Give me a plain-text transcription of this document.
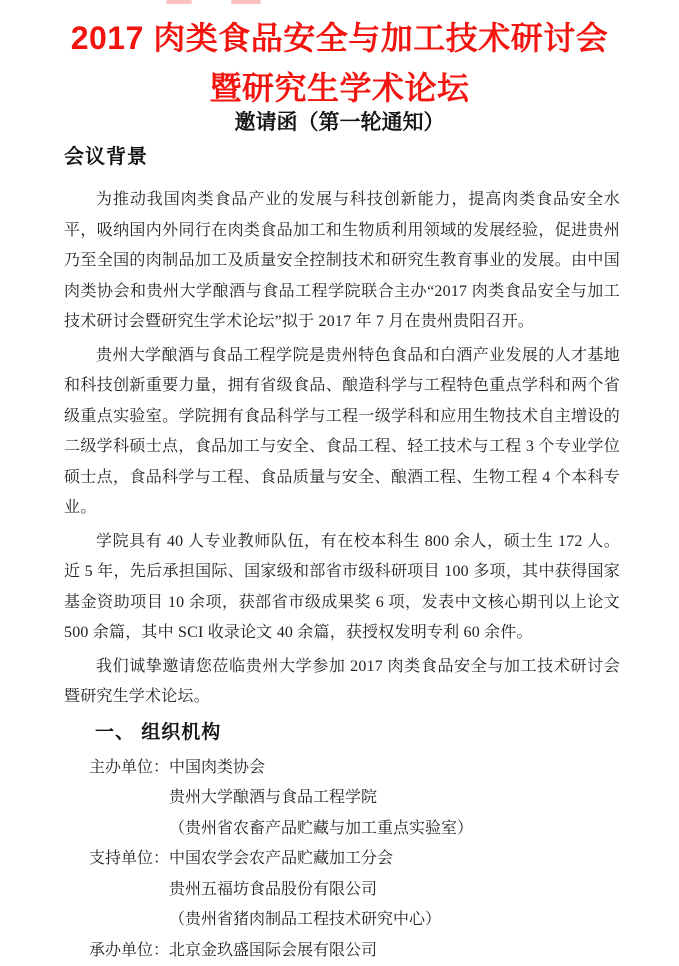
2017 肉类食品安全与加工技术研讨会
暨研究生学术论坛
邀请函（第一轮通知）
会议背景

为推动我国肉类食品产业的发展与科技创新能力，提高肉类食品安全水平，吸纳国内外同行在肉类食品加工和生物质利用领域的发展经验，促进贵州乃至全国的肉制品加工及质量安全控制技术和研究生教育事业的发展。由中国肉类协会和贵州大学酿酒与食品工程学院联合主办“2017 肉类食品安全与加工技术研讨会暨研究生学术论坛”拟于 2017 年 7 月在贵州贵阳召开。

贵州大学酿酒与食品工程学院是贵州特色食品和白酒产业发展的人才基地和科技创新重要力量，拥有省级食品、酿造科学与工程特色重点学科和两个省级重点实验室。学院拥有食品科学与工程一级学科和应用生物技术自主增设的二级学科硕士点，食品加工与安全、食品工程、轻工技术与工程 3 个专业学位硕士点，食品科学与工程、食品质量与安全、酿酒工程、生物工程 4 个本科专业。

学院具有 40 人专业教师队伍，有在校本科生 800 余人，硕士生 172 人。近 5 年，先后承担国际、国家级和部省市级科研项目 100 多项，其中获得国家基金资助项目 10 余项，获部省市级成果奖 6 项，发表中文核心期刊以上论文 500 余篇，其中 SCI 收录论文 40 余篇，获授权发明专利 60 余件。

我们诚挚邀请您莅临贵州大学参加 2017 肉类食品安全与加工技术研讨会暨研究生学术论坛。

一、 组织机构
主办单位： 中国肉类协会
贵州大学酿酒与食品工程学院
（贵州省农畜产品贮藏与加工重点实验室）
支持单位： 中国农学会农产品贮藏加工分会
贵州五福坊食品股份有限公司
（贵州省猪肉制品工程技术研究中心）
承办单位： 北京金玖盛国际会展有限公司
